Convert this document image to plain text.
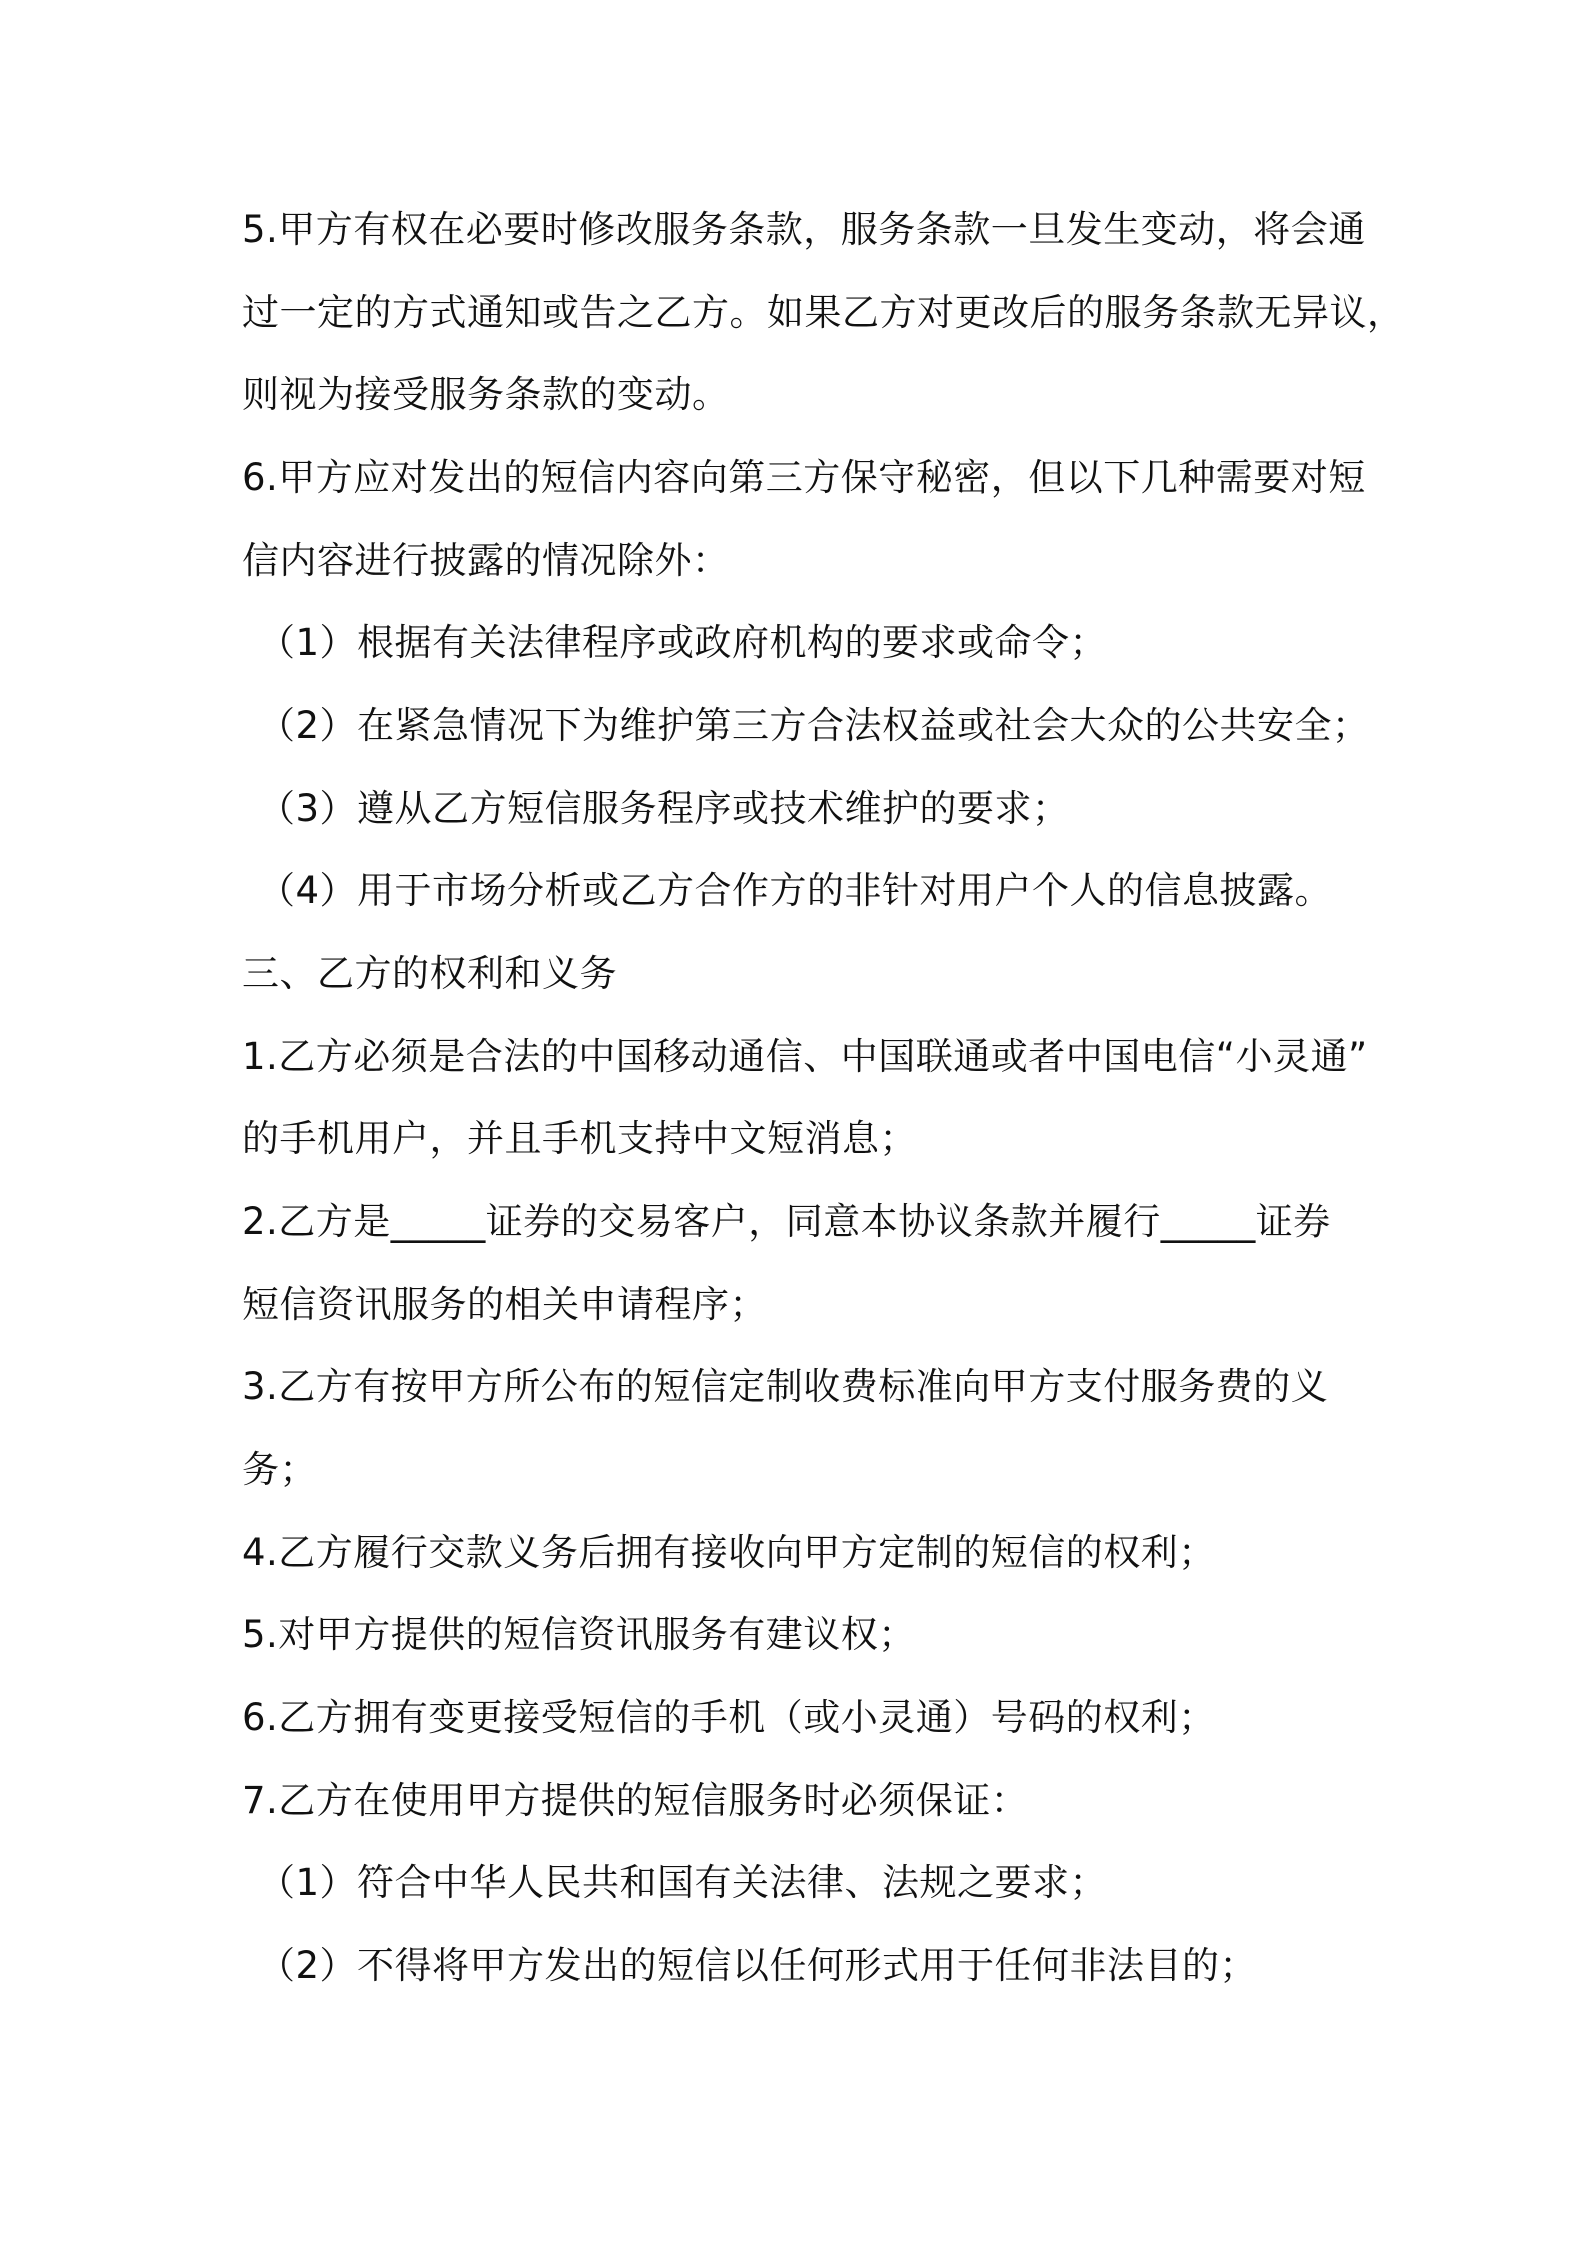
5.甲方有权在必要时修改服务条款，服务条款一旦发生变动，将会通
过一定的方式通知或告之乙方。如果乙方对更改后的服务条款无异议，
则视为接受服务条款的变动。
6.甲方应对发出的短信内容向第三方保守秘密，但以下几种需要对短
信内容进行披露的情况除外：
（1）根据有关法律程序或政府机构的要求或命令；
（2）在紧急情况下为维护第三方合法权益或社会大众的公共安全；
（3）遵从乙方短信服务程序或技术维护的要求；
（4）用于市场分析或乙方合作方的非针对用户个人的信息披露。
三、乙方的权利和义务
1.乙方必须是合法的中国移动通信、中国联通或者中国电信“小灵通”
的手机用户，并且手机支持中文短消息；
2.乙方是_____证券的交易客户，同意本协议条款并履行_____证券
短信资讯服务的相关申请程序；
3.乙方有按甲方所公布的短信定制收费标准向甲方支付服务费的义
务；
4.乙方履行交款义务后拥有接收向甲方定制的短信的权利；
5.对甲方提供的短信资讯服务有建议权；
6.乙方拥有变更接受短信的手机（或小灵通）号码的权利；
7.乙方在使用甲方提供的短信服务时必须保证：
（1）符合中华人民共和国有关法律、法规之要求；
（2）不得将甲方发出的短信以任何形式用于任何非法目的；
